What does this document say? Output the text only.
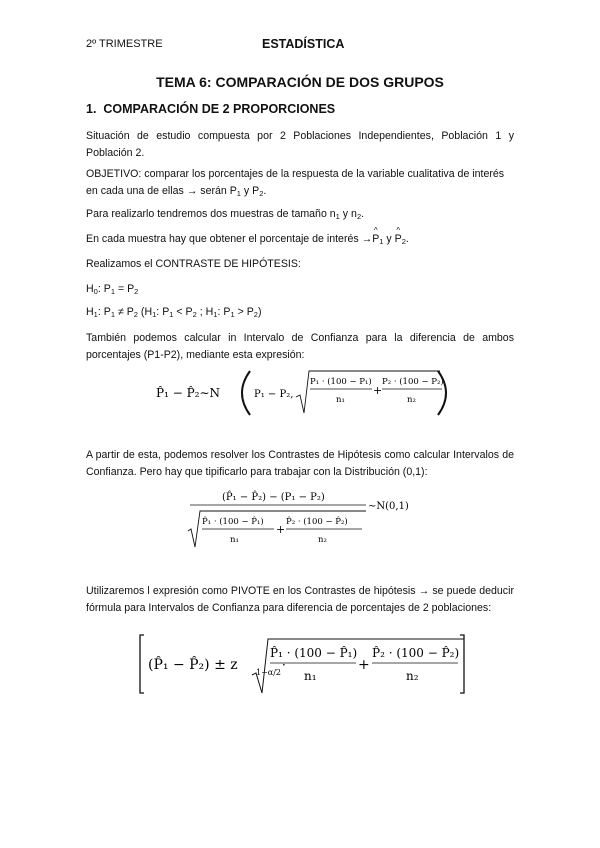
2º TRIMESTRE	ESTADÍSTICA
TEMA 6: COMPARACIÓN DE DOS GRUPOS
1. COMPARACIÓN DE 2 PROPORCIONES

Situación de estudio compuesta por 2 Poblaciones Independientes, Población 1 y Población 2.

OBJETIVO: comparar los porcentajes de la respuesta de la variable cualitativa de interés en cada una de ellas → serán $P_1$ y $P_2$.

Para realizarlo tendremos dos muestras de tamaño $n_1$ y $n_2$.

En cada muestra hay que obtener el porcentaje de interés →^ $P_1$ y ^ $P_2$.

Realizamos el CONTRASTE DE HIPÓTESIS:

$H_0$: $P_1 = P_2$

$H_1$: $P_1 \ne P_2$ ($H_1$: $P_1 < P_2$ ; $H_1$: $P_1 > P_2$)

También podemos calcular in Intervalo de Confianza para la diferencia de ambos porcentajes (P1-P2), mediante esta expresión:

P̂₁ − P̂₂∼N	P₁ − P₂,
P₁ · (100 − P₁)
n₁
+
P₂ · (100 − P₂)
n₂

A partir de esta, podemos resolver los Contrastes de Hipótesis como calcular Intervalos de Confianza. Pero hay que tipificarlo para trabajar con la Distribución (0,1):

(P̂₁ − P̂₂) − (P₁ − P₂)
P̂₁ · (100 − P̂₁)
n₁
+
P̂₂ · (100 − P̂₂)
n₂
∼N(0,1)

Utilizaremos l expresión como PIVOTE en los Contrastes de hipótesis → se puede deducir fórmula para Intervalos de Confianza para diferencia de porcentajes de 2 poblaciones:

(P̂₁ − P̂₂) ± z 1−α/2
·
P̂₁ · (100 − P̂₁)
n₁
+
P̂₂ · (100 − P̂₂)
n₂
